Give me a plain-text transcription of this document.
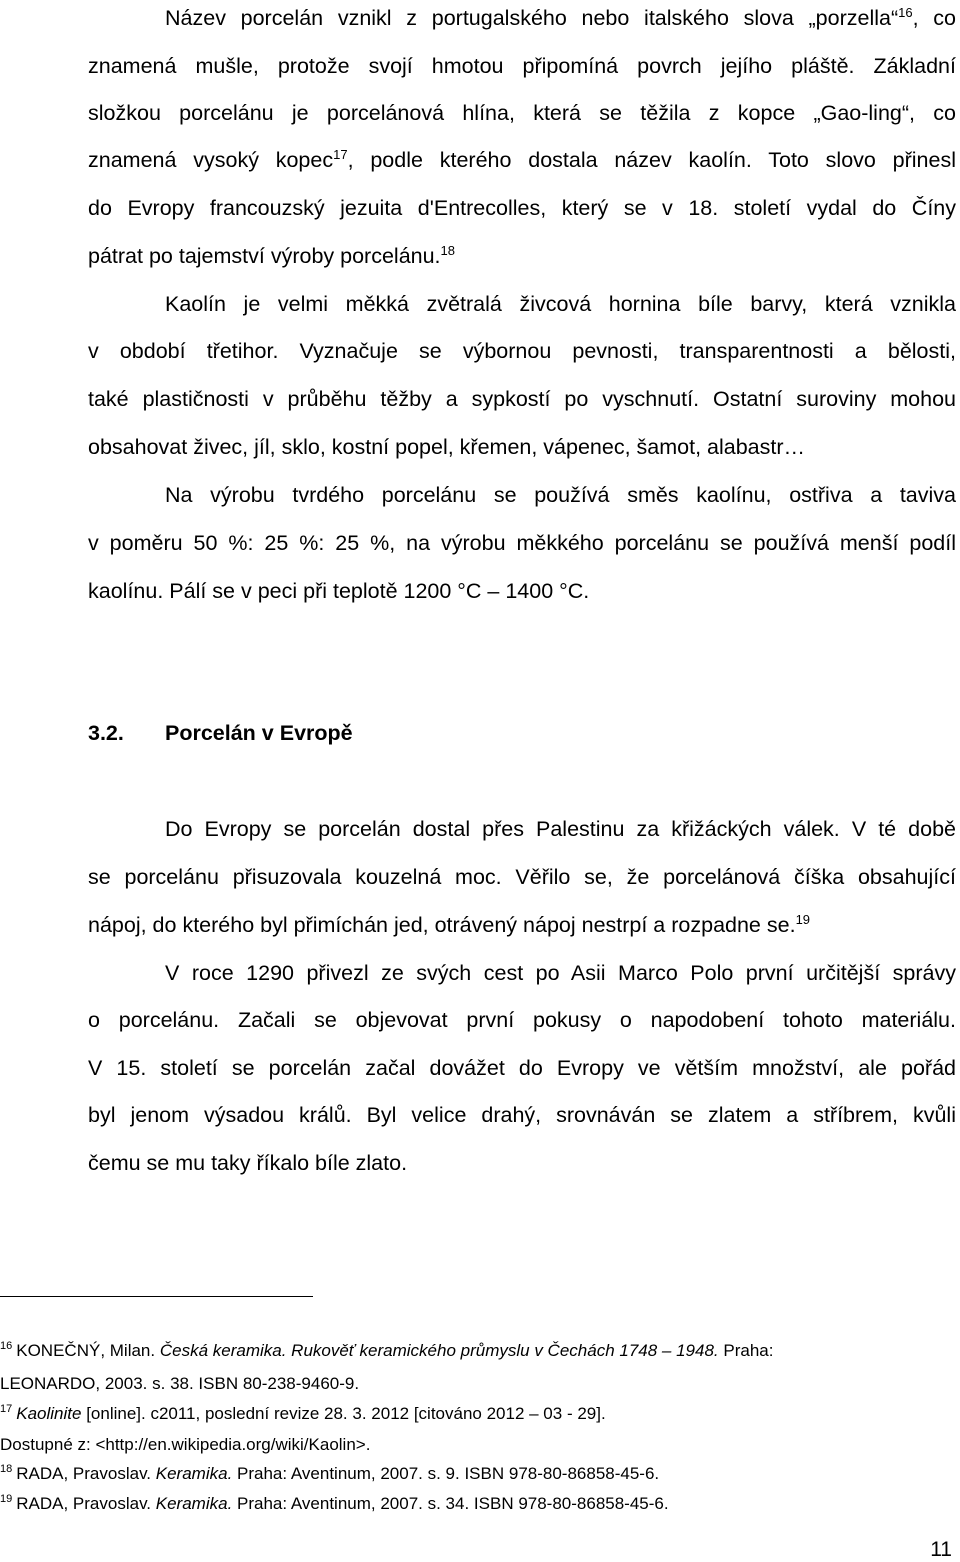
Název porcelán vznikl z portugalského nebo italského slova „porzella“$^{16}$, co
znamená mušle, protože svojí hmotou připomíná povrch jejího pláště. Základní
složkou porcelánu je porcelánová hlína, která se těžila z kopce „Gao-ling“, co
znamená vysoký kopec$^{17}$, podle kterého dostala název kaolín. Toto slovo přinesl
do Evropy francouzský jezuita d'Entrecolles, který se v 18. století vydal do Číny
pátrat po tajemství výroby porcelánu.$^{18}$
Kaolín je velmi měkká zvětralá živcová hornina bíle barvy, která vznikla
v období třetihor. Vyznačuje se výbornou pevnosti, transparentnosti a bělosti,
také plastičnosti v průběhu těžby a sypkostí po vyschnutí. Ostatní suroviny mohou
obsahovat živec, jíl, sklo, kostní popel, křemen, vápenec, šamot, alabastr…
Na výrobu tvrdého porcelánu se používá směs kaolínu, ostřiva a taviva
v poměru 50 %: 25 %: 25 %, na výrobu měkkého porcelánu se používá menší podíl
kaolínu. Pálí se v peci při teplotě 1200 °C – 1400 °C.
3.2. Porcelán v Evropě
Do Evropy se porcelán dostal přes Palestinu za křižáckých válek. V té době
se porcelánu přisuzovala kouzelná moc. Věřilo se, že porcelánová číška obsahující
nápoj, do kterého byl přimíchán jed, otrávený nápoj nestrpí a rozpadne se.$^{19}$
V roce 1290 přivezl ze svých cest po Asii Marco Polo první určitější správy
o porcelánu. Začali se objevovat první pokusy o napodobení tohoto materiálu.
V 15. století se porcelán začal dovážet do Evropy ve větším množství, ale pořád
byl jenom výsadou králů. Byl velice drahý, srovnáván se zlatem a stříbrem, kvůli
čemu se mu taky říkalo bíle zlato.
$^{16}$ KONEČNÝ, Milan. Česká keramika. Rukověť keramického průmyslu v Čechách 1748 – 1948. Praha:
LEONARDO, 2003. s. 38. ISBN 80-238-9460-9.
$^{17}$ Kaolinite [online]. c2011, poslední revize 28. 3. 2012 [citováno 2012 – 03 - 29].
Dostupné z: <http://en.wikipedia.org/wiki/Kaolin>.
$^{18}$ RADA, Pravoslav. Keramika. Praha: Aventinum, 2007. s. 9. ISBN 978-80-86858-45-6.
$^{19}$ RADA, Pravoslav. Keramika. Praha: Aventinum, 2007. s. 34. ISBN 978-80-86858-45-6.
11
